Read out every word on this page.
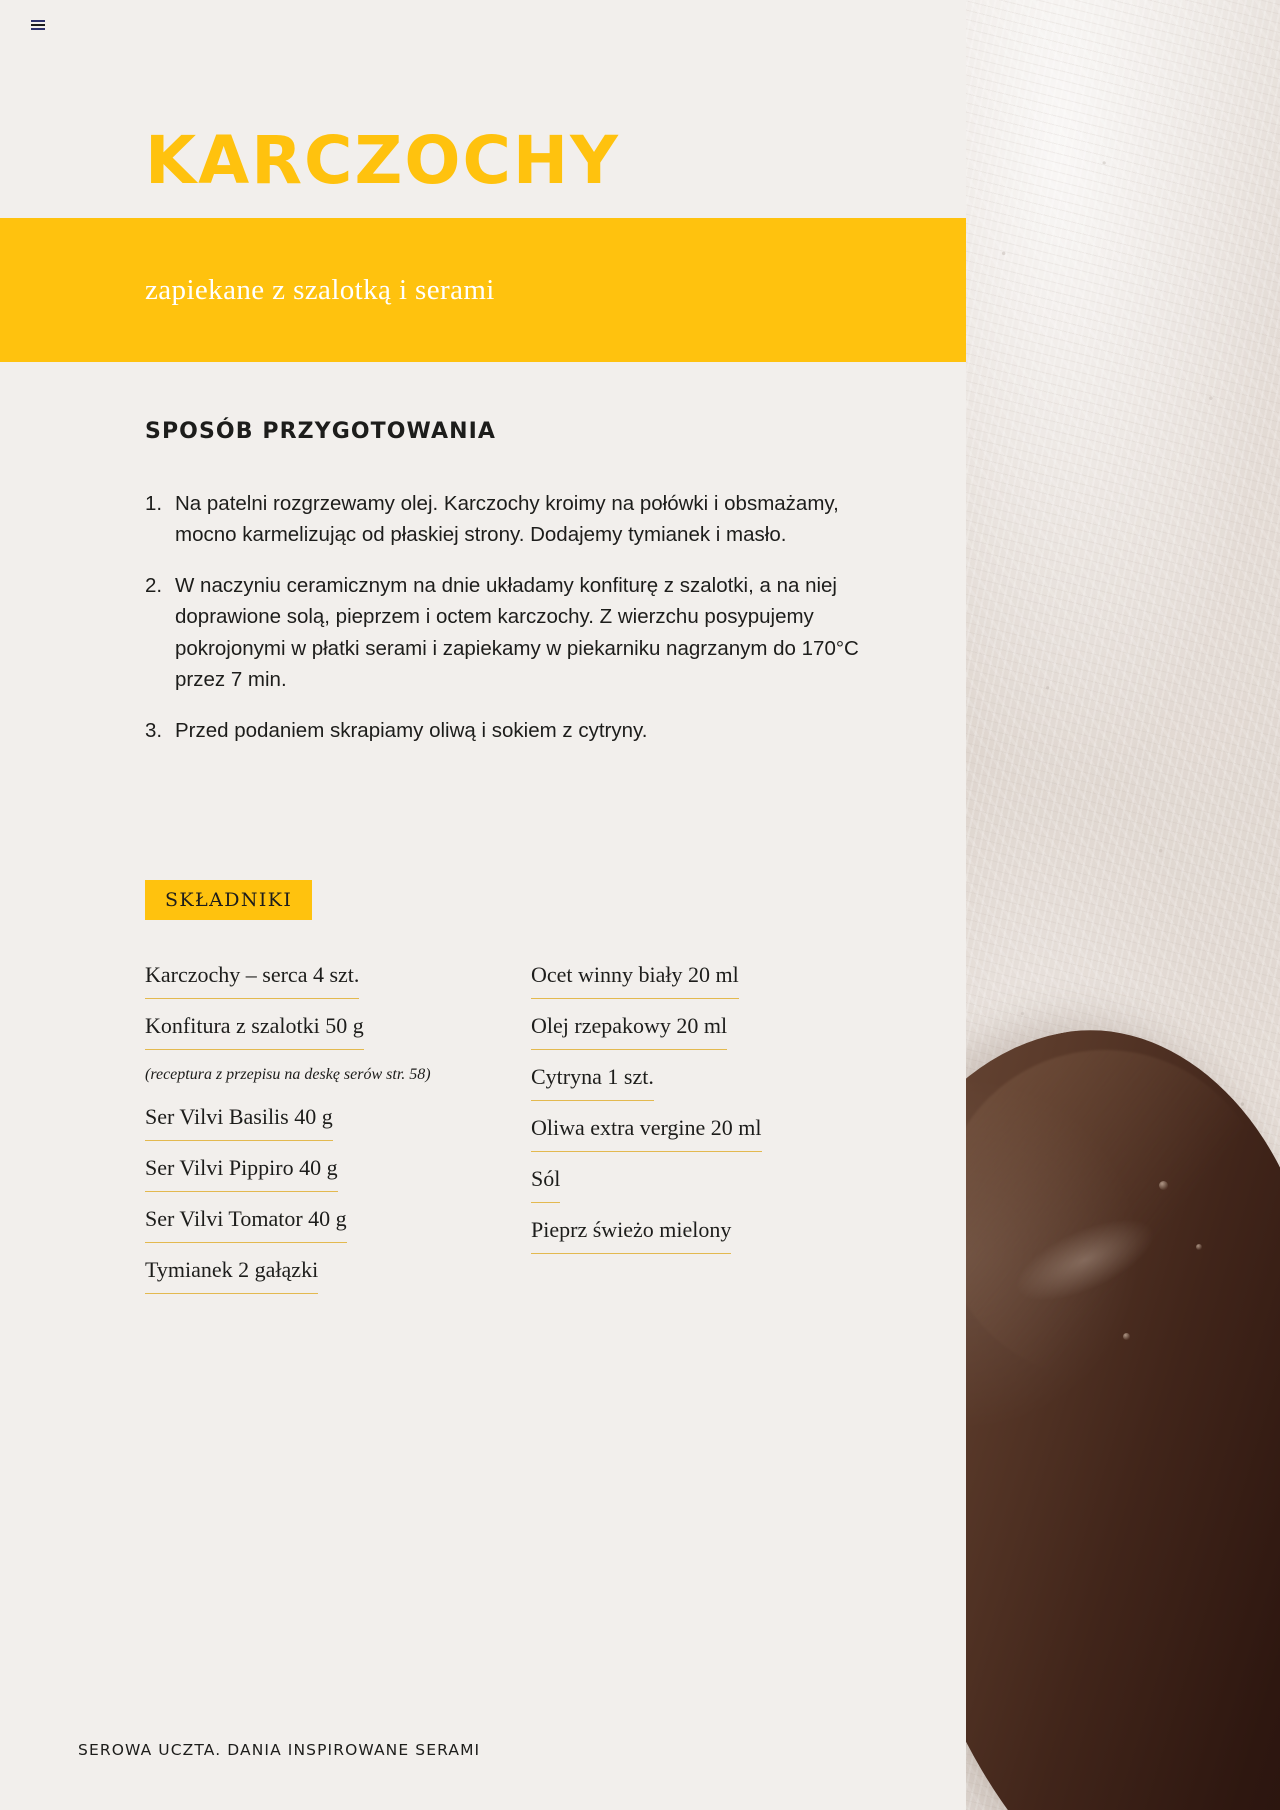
KARCZOCHY
zapiekane z szalotką i serami
SPOSÓB PRZYGOTOWANIA
1. Na patelni rozgrzewamy olej. Karczochy kroimy na połówki i obsmażamy, mocno karmelizując od płaskiej strony. Dodajemy tymianek i masło.
2. W naczyniu ceramicznym na dnie układamy konfiturę z szalotki, a na niej doprawione solą, pieprzem i octem karczochy. Z wierzchu posypujemy pokrojonymi w płatki serami i zapiekamy w piekarniku nagrzanym do 170°C przez 7 min.
3. Przed podaniem skrapiamy oliwą i sokiem z cytryny.
SKŁADNIKI
Karczochy – serca 4 szt.
Konfitura z szalotki 50 g
(receptura z przepisu na deskę serów str. 58)
Ser Vilvi Basilis 40 g
Ser Vilvi Pippiro 40 g
Ser Vilvi Tomator 40 g
Tymianek 2 gałązki
Ocet winny biały 20 ml
Olej rzepakowy 20 ml
Cytryna 1 szt.
Oliwa extra vergine 20 ml
Sól
Pieprz świeżo mielony
SEROWA UCZTA. DANIA INSPIROWANE SERAMI
